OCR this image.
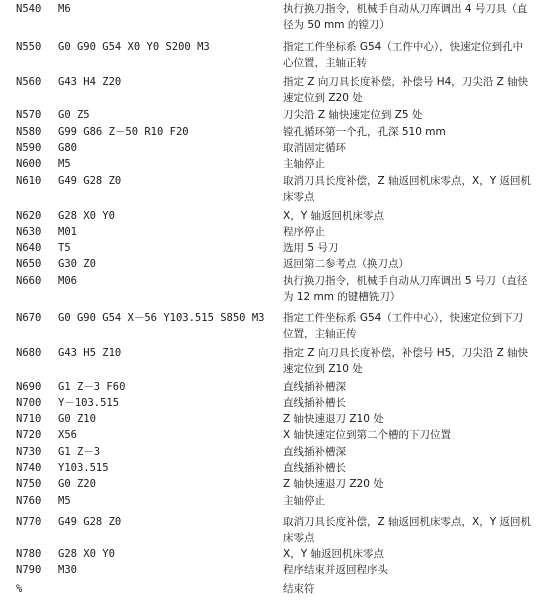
N540 M6	执行换刀指令，机械手自动从刀库调出 4 号刀具（直
径为 50 mm 的镗刀）
N550 G0 G90 G54 X0 Y0 S200 M3	指定工件坐标系 G54（工件中心），快速定位到孔中
心位置，主轴正转
N560 G43 H4 Z20	指定 Z 向刀具长度补偿，补偿号 H4，刀尖沿 Z 轴快
速定位到 Z20 处
N570 G0 Z5	刀尖沿 Z 轴快速定位到 Z5 处
N580 G99 G86 Z－50 R10 F20	镗孔循环第一个孔，孔深 510 mm
N590 G80	取消固定循环
N600 M5	主轴停止
N610 G49 G28 Z0	取消刀具长度补偿，Z 轴返回机床零点，X，Y 返回机
床零点
N620 G28 X0 Y0	X，Y 轴返回机床零点
N630 M01	程序停止
N640 T5	选用 5 号刀
N650 G30 Z0	返回第二参考点（换刀点）
N660 M06	执行换刀指令，机械手自动从刀库调出 5 号刀（直径
为 12 mm 的键槽铣刀）
N670 G0 G90 G54 X－56 Y103.515 S850 M3 指定工件坐标系 G54（工件中心），快速定位到下刀
位置，主轴正传
N680 G43 H5 Z10	指定 Z 向刀具长度补偿，补偿号 H5，刀尖沿 Z 轴快
速定位到 Z10 处
N690 G1 Z－3 F60	直线插补槽深
N700 Y－103.515	直线插补槽长
N710 G0 Z10	Z 轴快速退刀 Z10 处
N720 X56	X 轴快速定位到第二个槽的下刀位置
N730 G1 Z－3	直线插补槽深
N740 Y103.515	直线插补槽长
N750 G0 Z20	Z 轴快速退刀 Z20 处
N760 M5	主轴停止
N770 G49 G28 Z0	取消刀具长度补偿，Z 轴返回机床零点，X，Y 返回机
床零点
N780 G28 X0 Y0	X，Y 轴返回机床零点
N790 M30	程序结束并返回程序头
%	结束符
